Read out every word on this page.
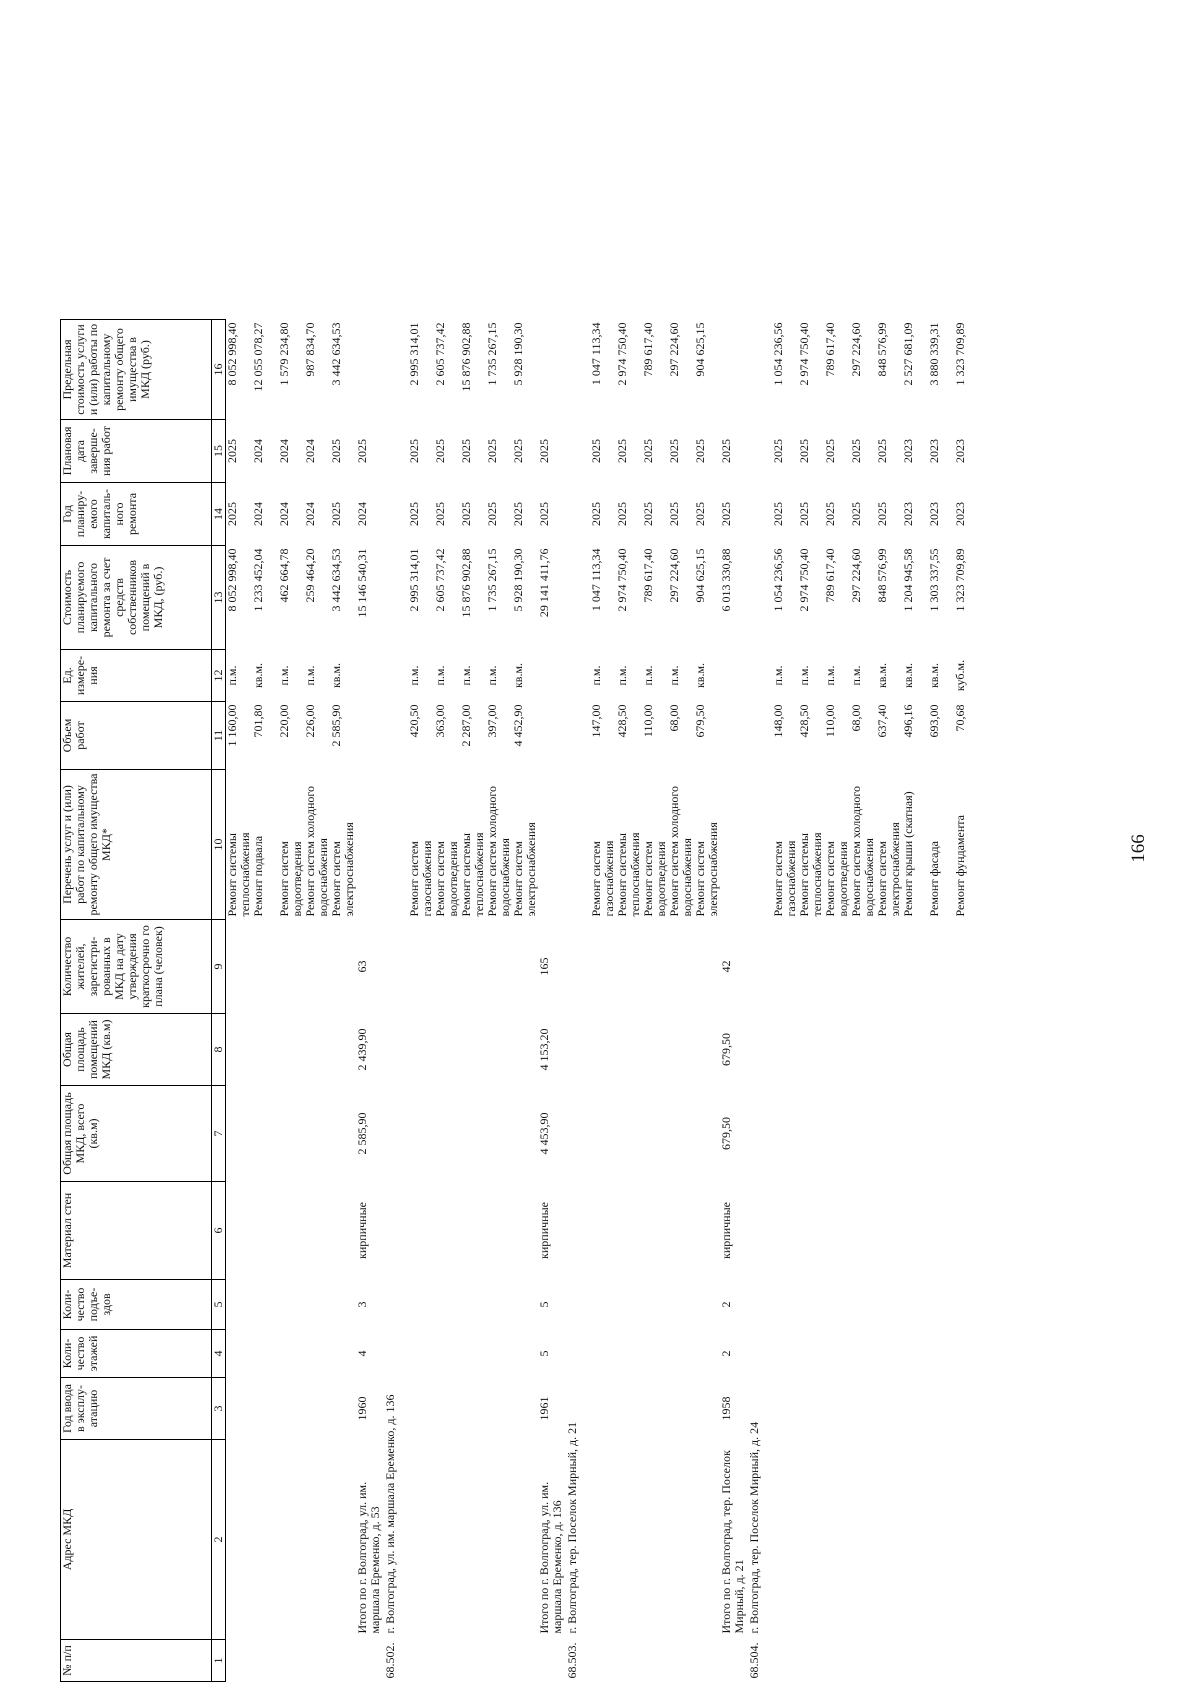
166
№ п/п	Адрес МКД	Год ввода в эксплу-атацию	Коли-чество этажей	Коли-чество подъе-здов	Материал стен	Общая площадь МКД, всего (кв.м)	Общая площадь помещений МКД (кв.м)	Количество жителей, зарегистри-рованных в МКД на дату утверждения краткосрочно го плана (человек)	Перечень услуг и (или) работ по капитальному ремонту общего имущества МКД*	Объем работ	Ед. измере-ния	Стоимость планируемого капитального ремонта за счет средств собственников помещений в МКД, (руб.)	Год планиру-емого капиталь-ного ремонта	Плановая дата заверше-ния работ	Предельная стоимость услуги и (или) работы по капитальному ремонту общего имущества в МКД (руб.)
1	2	3	4	5	6	7	8	9	10	11	12	13	14	15	16
									Ремонт системы теплоснабжения	1 160,00	п.м.	8 052 998,40	2025	2025	8 052 998,40
									Ремонт подвала	701,80	кв.м.	1 233 452,04	2024	2024	12 055 078,27
									Ремонт систем водоотведения	220,00	п.м.	462 664,78	2024	2024	1 579 234,80
									Ремонт систем холодного водоснабжения	226,00	п.м.	259 464,20	2024	2024	987 834,70
									Ремонт систем электроснабжения	2 585,90	кв.м.	3 442 634,53	2025	2025	3 442 634,53
	Итого по г. Волгоград, ул. им. маршала Еременко, д. 53	1960	4	3	кирпичные	2 585,90	2 439,90	63				15 146 540,31	2024	2025	
68.502.	г. Волгоград, ул. им. маршала Еременко, д. 136														
									Ремонт систем газоснабжения	420,50	п.м.	2 995 314,01	2025	2025	2 995 314,01
									Ремонт систем водоотведения	363,00	п.м.	2 605 737,42	2025	2025	2 605 737,42
									Ремонт системы теплоснабжения	2 287,00	п.м.	15 876 902,88	2025	2025	15 876 902,88
									Ремонт систем холодного водоснабжения	397,00	п.м.	1 735 267,15	2025	2025	1 735 267,15
									Ремонт систем электроснабжения	4 452,90	кв.м.	5 928 190,30	2025	2025	5 928 190,30
	Итого по г. Волгоград, ул. им. маршала Еременко, д. 136	1961	5	5	кирпичные	4 453,90	4 153,20	165				29 141 411,76	2025	2025	
68.503.	г. Волгоград, тер. Поселок Мирный, д. 21														
									Ремонт систем газоснабжения	147,00	п.м.	1 047 113,34	2025	2025	1 047 113,34
									Ремонт системы теплоснабжения	428,50	п.м.	2 974 750,40	2025	2025	2 974 750,40
									Ремонт систем водоотведения	110,00	п.м.	789 617,40	2025	2025	789 617,40
									Ремонт систем холодного водоснабжения	68,00	п.м.	297 224,60	2025	2025	297 224,60
									Ремонт систем электроснабжения	679,50	кв.м.	904 625,15	2025	2025	904 625,15
	Итого по г. Волгоград, тер. Поселок Мирный, д. 21	1958	2	2	кирпичные	679,50	679,50	42				6 013 330,88	2025	2025	
68.504.	г. Волгоград, тер. Поселок Мирный, д. 24														
									Ремонт систем газоснабжения	148,00	п.м.	1 054 236,56	2025	2025	1 054 236,56
									Ремонт системы теплоснабжения	428,50	п.м.	2 974 750,40	2025	2025	2 974 750,40
									Ремонт систем водоотведения	110,00	п.м.	789 617,40	2025	2025	789 617,40
									Ремонт систем холодного водоснабжения	68,00	п.м.	297 224,60	2025	2025	297 224,60
									Ремонт систем электроснабжения	637,40	кв.м.	848 576,99	2025	2025	848 576,99
									Ремонт крыши (скатная)	496,16	кв.м.	1 204 945,58	2023	2023	2 527 681,09
									Ремонт фасада	693,00	кв.м.	1 303 337,55	2023	2023	3 880 339,31
									Ремонт фундамента	70,68	куб.м.	1 323 709,89	2023	2023	1 323 709,89
